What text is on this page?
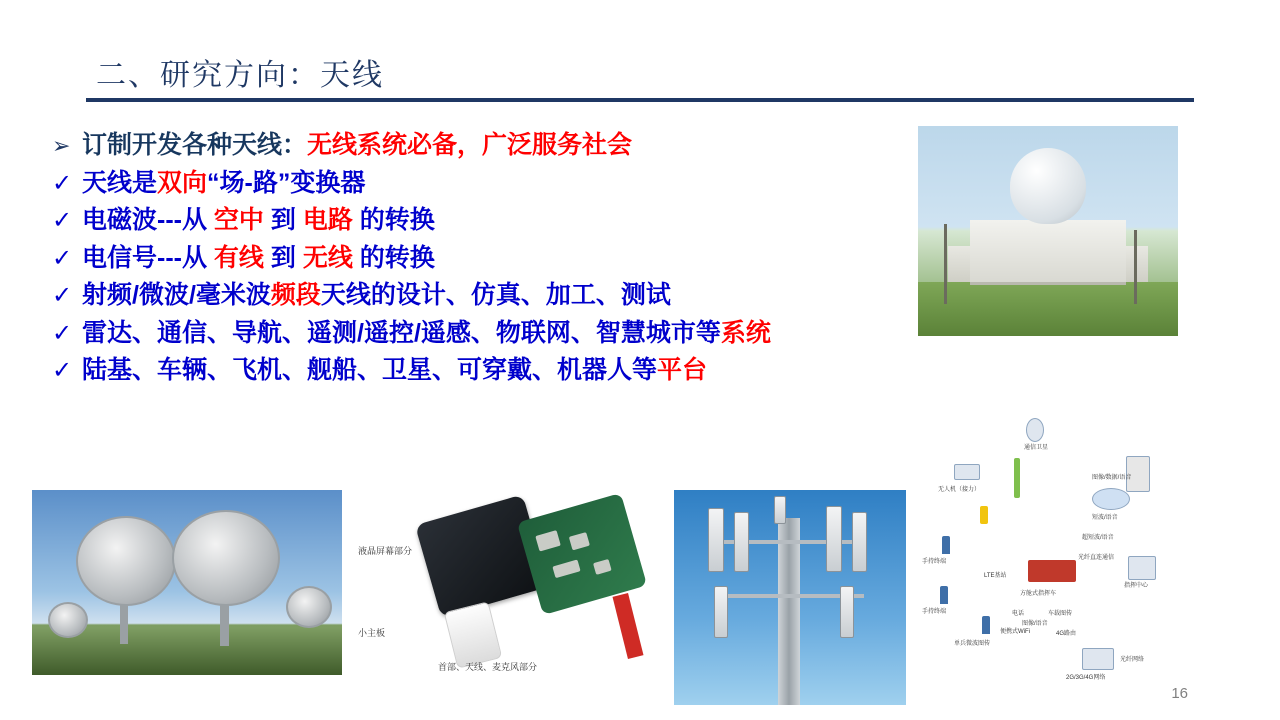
二、研究方向：天线
➢ 订制开发各种天线：无线系统必备，广泛服务社会
✓ 天线是双向“场-路”变换器
✓ 电磁波---从 空中 到 电路 的转换
✓ 电信号---从 有线 到 无线 的转换
✓ 射频/微波/毫米波频段天线的设计、仿真、加工、测试
✓ 雷达、通信、导航、遥测/遥控/遥感、物联网、智慧城市等系统
✓ 陆基、车辆、飞机、舰船、卫星、可穿戴、机器人等平台
液晶屏幕部分
小主板
首部、天线、麦克风部分
通信卫星
无人机（接力）
图像/数据/语音
短波/语音
超短波/语音
光纤直连通信
指挥中心
手持终端
手持终端
单兵微波图传
方舱式指挥车
电话	车载图传
便携式WiFi	4G路由
LTE基站
图像/语音
2G/3G/4G网络
光纤网络
16
